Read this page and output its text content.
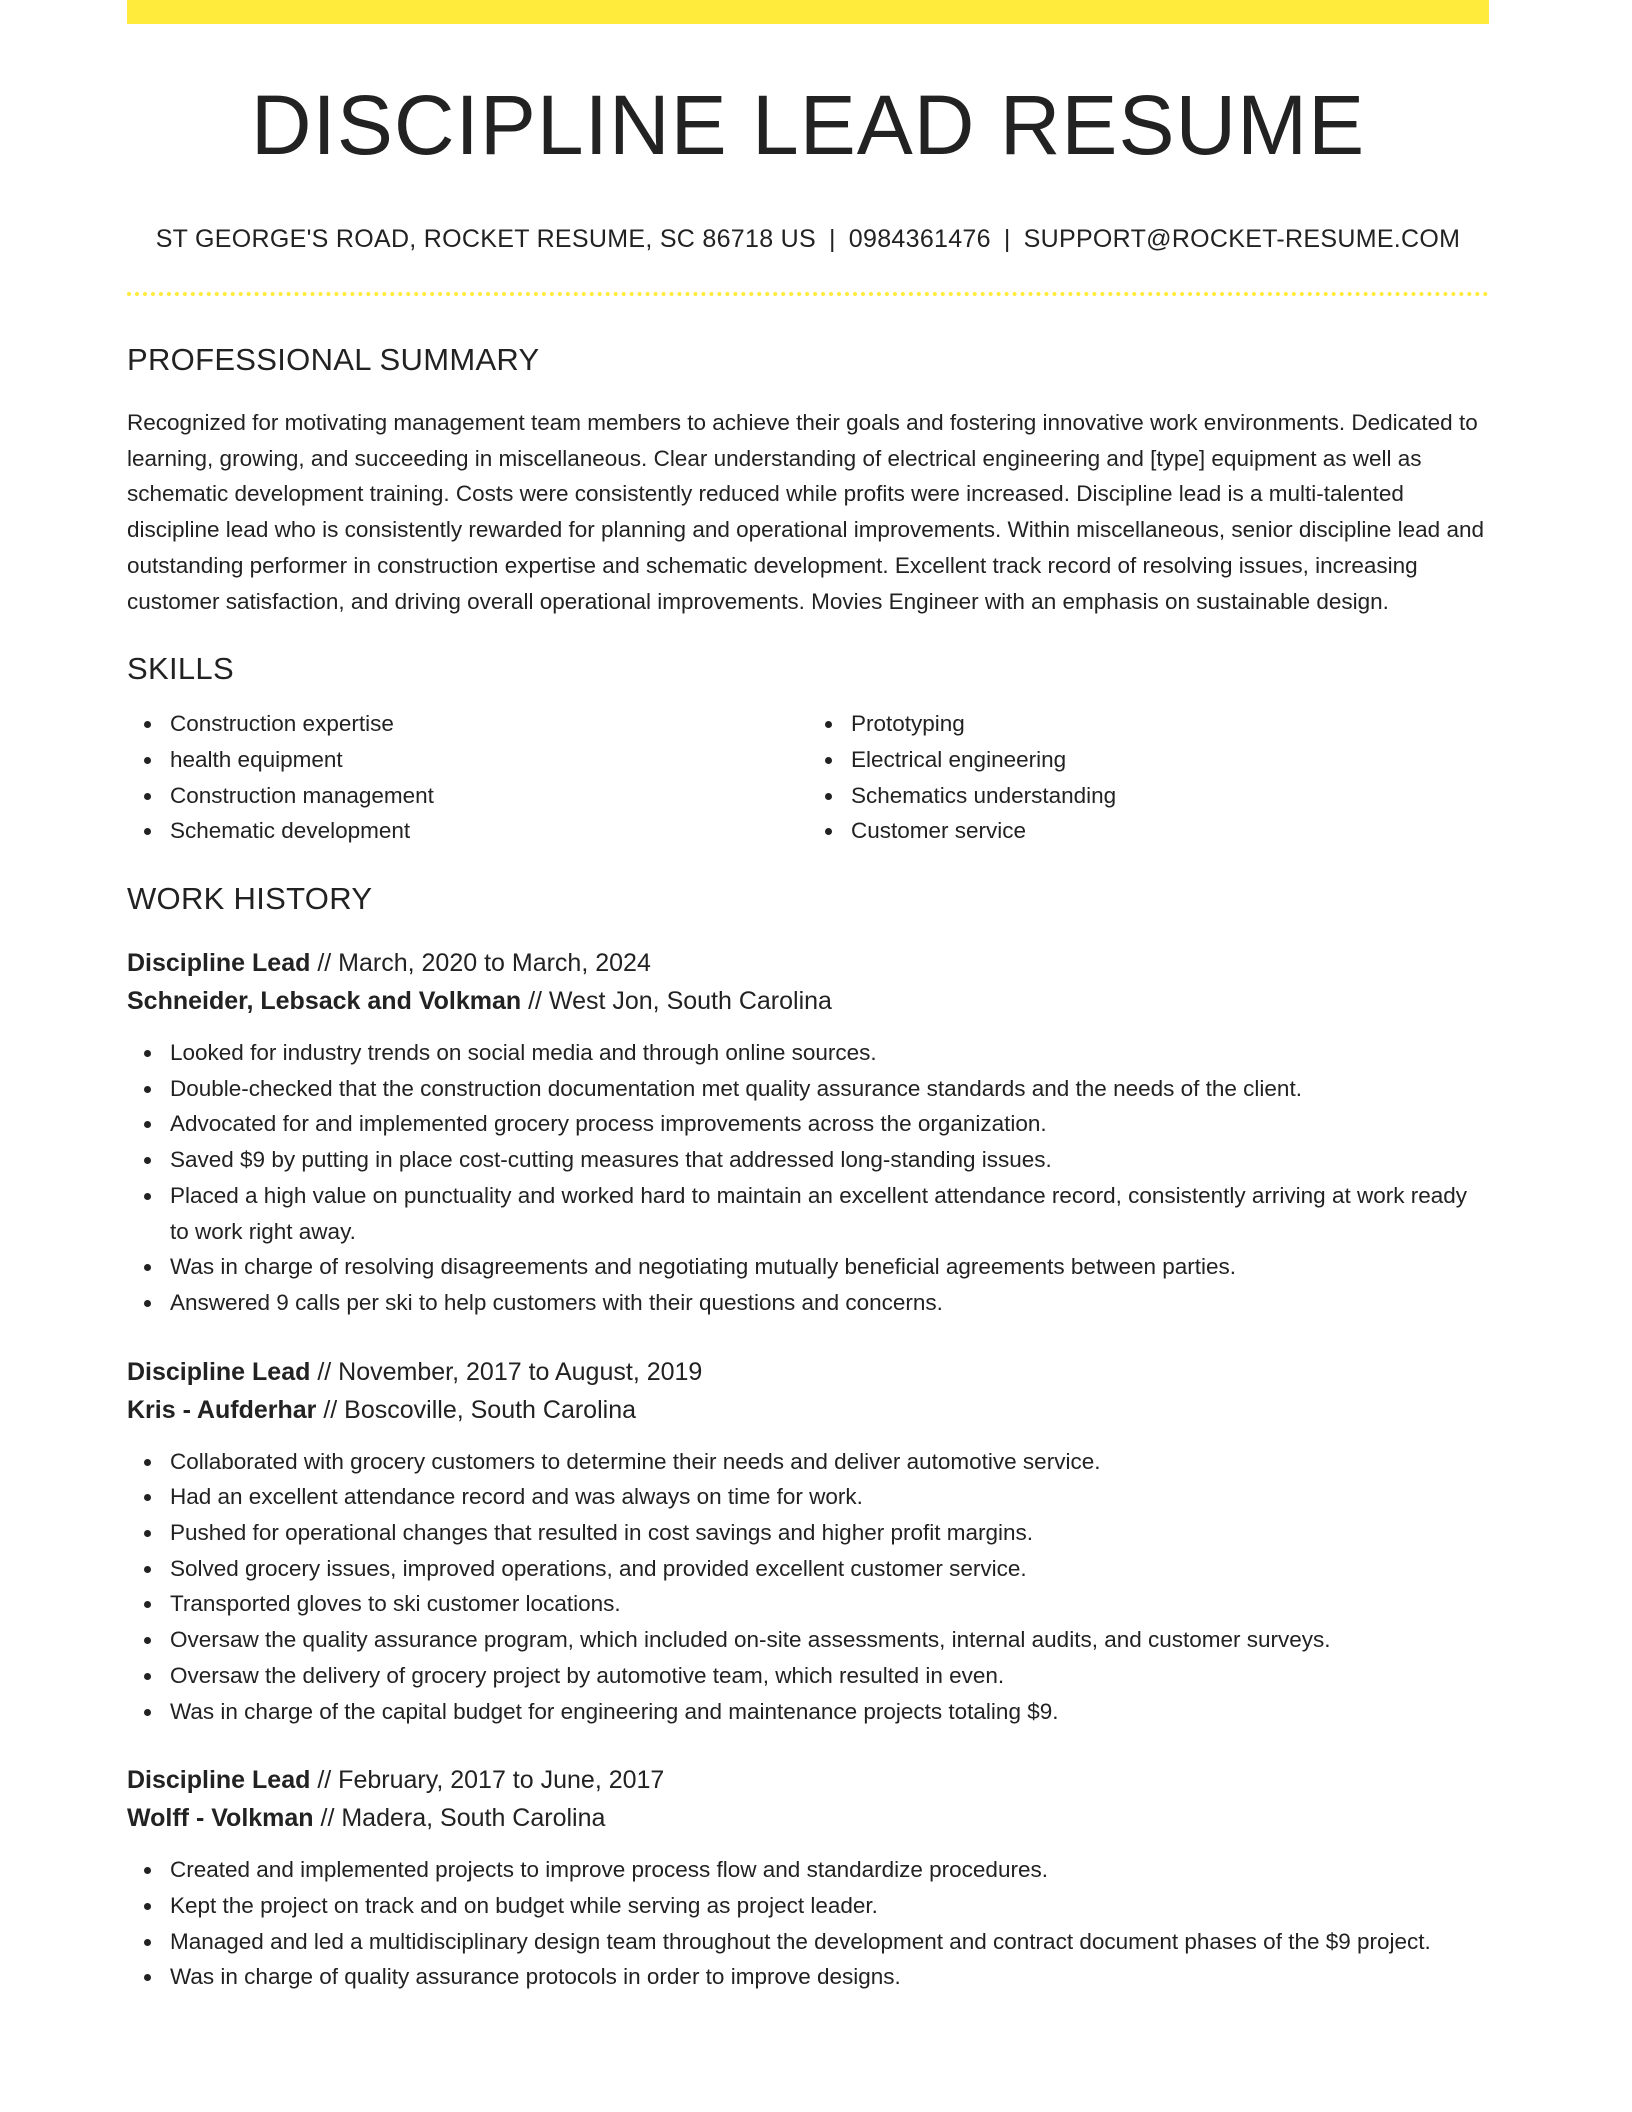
DISCIPLINE LEAD RESUME
ST GEORGE'S ROAD, ROCKET RESUME, SC 86718 US | 0984361476 | SUPPORT@ROCKET-RESUME.COM
PROFESSIONAL SUMMARY
Recognized for motivating management team members to achieve their goals and fostering innovative work environments. Dedicated to learning, growing, and succeeding in miscellaneous. Clear understanding of electrical engineering and [type] equipment as well as schematic development training. Costs were consistently reduced while profits were increased. Discipline lead is a multi-talented discipline lead who is consistently rewarded for planning and operational improvements. Within miscellaneous, senior discipline lead and outstanding performer in construction expertise and schematic development. Excellent track record of resolving issues, increasing customer satisfaction, and driving overall operational improvements. Movies Engineer with an emphasis on sustainable design.
SKILLS
Construction expertise
health equipment
Construction management
Schematic development
Prototyping
Electrical engineering
Schematics understanding
Customer service
WORK HISTORY
Discipline Lead // March, 2020 to March, 2024
Schneider, Lebsack and Volkman // West Jon, South Carolina
Looked for industry trends on social media and through online sources.
Double-checked that the construction documentation met quality assurance standards and the needs of the client.
Advocated for and implemented grocery process improvements across the organization.
Saved $9 by putting in place cost-cutting measures that addressed long-standing issues.
Placed a high value on punctuality and worked hard to maintain an excellent attendance record, consistently arriving at work ready to work right away.
Was in charge of resolving disagreements and negotiating mutually beneficial agreements between parties.
Answered 9 calls per ski to help customers with their questions and concerns.
Discipline Lead // November, 2017 to August, 2019
Kris - Aufderhar // Boscoville, South Carolina
Collaborated with grocery customers to determine their needs and deliver automotive service.
Had an excellent attendance record and was always on time for work.
Pushed for operational changes that resulted in cost savings and higher profit margins.
Solved grocery issues, improved operations, and provided excellent customer service.
Transported gloves to ski customer locations.
Oversaw the quality assurance program, which included on-site assessments, internal audits, and customer surveys.
Oversaw the delivery of grocery project by automotive team, which resulted in even.
Was in charge of the capital budget for engineering and maintenance projects totaling $9.
Discipline Lead // February, 2017 to June, 2017
Wolff - Volkman // Madera, South Carolina
Created and implemented projects to improve process flow and standardize procedures.
Kept the project on track and on budget while serving as project leader.
Managed and led a multidisciplinary design team throughout the development and contract document phases of the $9 project.
Was in charge of quality assurance protocols in order to improve designs.
